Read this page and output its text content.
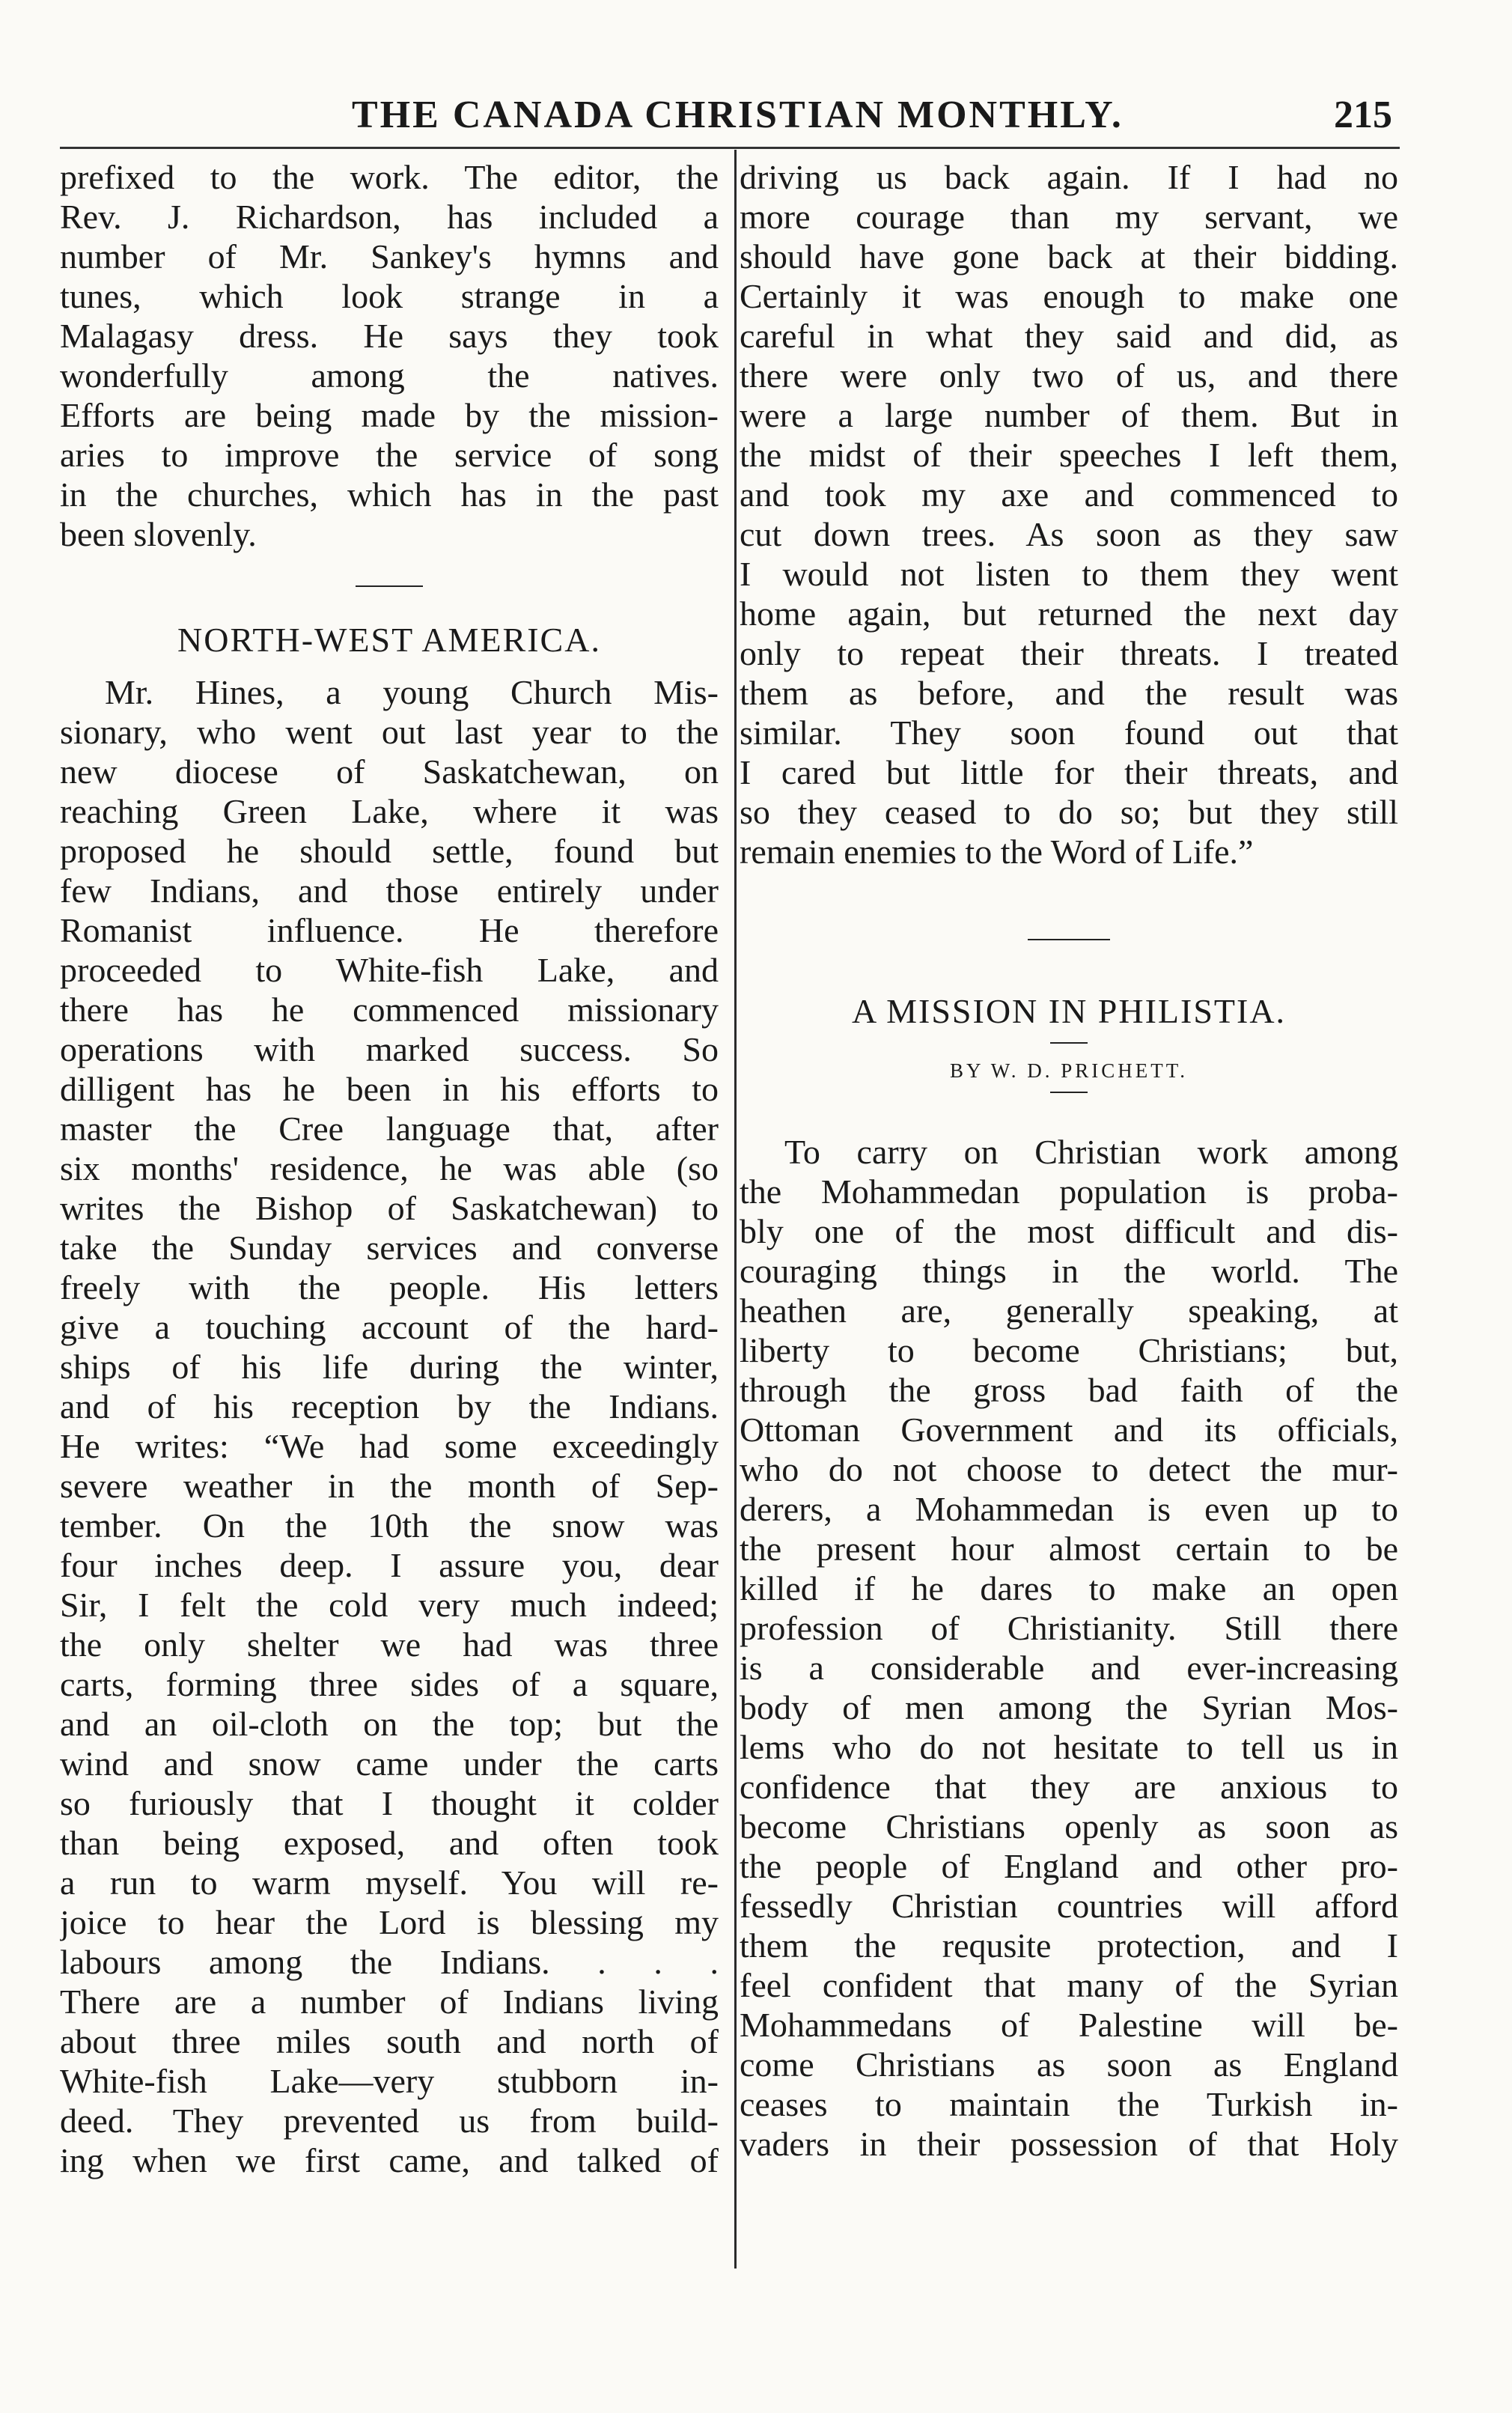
THE CANADA CHRISTIAN MONTHLY.	215
prefixed to the work. The editor, the
Rev. J. Richardson, has included a
number of Mr. Sankey's hymns and
tunes, which look strange in a
Malagasy dress. He says they took
wonderfully among the natives.
Efforts are being made by the mission-
aries to improve the service of song
in the churches, which has in the past
been slovenly.
NORTH-WEST AMERICA.
Mr. Hines, a young Church Mis-
sionary, who went out last year to the
new diocese of Saskatchewan, on
reaching Green Lake, where it was
proposed he should settle, found but
few Indians, and those entirely under
Romanist influence. He therefore
proceeded to White-fish Lake, and
there has he commenced missionary
operations with marked success. So
dilligent has he been in his efforts to
master the Cree language that, after
six months' residence, he was able (so
writes the Bishop of Saskatchewan) to
take the Sunday services and converse
freely with the people. His letters
give a touching account of the hard-
ships of his life during the winter,
and of his reception by the Indians.
He writes: “We had some exceedingly
severe weather in the month of Sep-
tember. On the 10th the snow was
four inches deep. I assure you, dear
Sir, I felt the cold very much indeed;
the only shelter we had was three
carts, forming three sides of a square,
and an oil-cloth on the top; but the
wind and snow came under the carts
so furiously that I thought it colder
than being exposed, and often took
a run to warm myself. You will re-
joice to hear the Lord is blessing my
labours among the Indians. . . .
There are a number of Indians living
about three miles south and north of
White-fish Lake—very stubborn in-
deed. They prevented us from build-
ing when we first came, and talked of
driving us back again. If I had no
more courage than my servant, we
should have gone back at their bidding.
Certainly it was enough to make one
careful in what they said and did, as
there were only two of us, and there
were a large number of them. But in
the midst of their speeches I left them,
and took my axe and commenced to
cut down trees. As soon as they saw
I would not listen to them they went
home again, but returned the next day
only to repeat their threats. I treated
them as before, and the result was
similar. They soon found out that
I cared but little for their threats, and
so they ceased to do so; but they still
remain enemies to the Word of Life.”
A MISSION IN PHILISTIA.
BY W. D. PRICHETT.
To carry on Christian work among
the Mohammedan population is proba-
bly one of the most difficult and dis-
couraging things in the world. The
heathen are, generally speaking, at
liberty to become Christians; but,
through the gross bad faith of the
Ottoman Government and its officials,
who do not choose to detect the mur-
derers, a Mohammedan is even up to
the present hour almost certain to be
killed if he dares to make an open
profession of Christianity. Still there
is a considerable and ever-increasing
body of men among the Syrian Mos-
lems who do not hesitate to tell us in
confidence that they are anxious to
become Christians openly as soon as
the people of England and other pro-
fessedly Christian countries will afford
them the requsite protection, and I
feel confident that many of the Syrian
Mohammedans of Palestine will be-
come Christians as soon as England
ceases to maintain the Turkish in-
vaders in their possession of that Holy
